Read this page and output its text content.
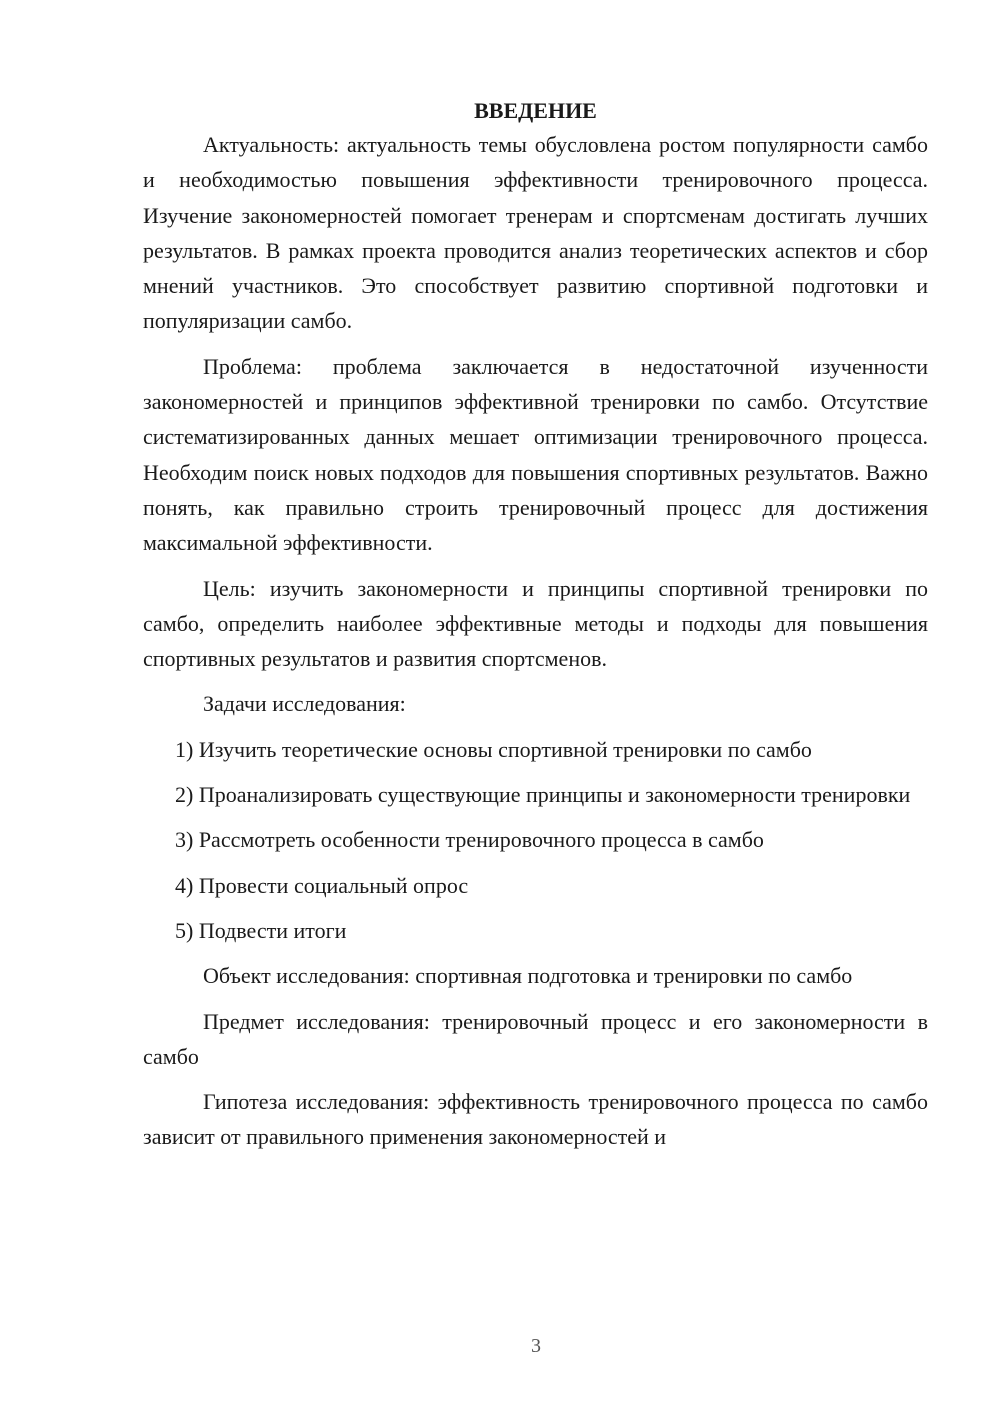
ВВЕДЕНИЕ

Актуальность: актуальность темы обусловлена ростом популярности самбо и необходимостью повышения эффективности тренировочного процесса. Изучение закономерностей помогает тренерам и спортсменам достигать лучших результатов. В рамках проекта проводится анализ теоретических аспектов и сбор мнений участников. Это способствует развитию спортивной подготовки и популяризации самбо.

Проблема: проблема заключается в недостаточной изученности закономерностей и принципов эффективной тренировки по самбо. Отсутствие систематизированных данных мешает оптимизации тренировочного процесса. Необходим поиск новых подходов для повышения спортивных результатов. Важно понять, как правильно строить тренировочный процесс для достижения максимальной эффективности.

Цель: изучить закономерности и принципы спортивной тренировки по самбо, определить наиболее эффективные методы и подходы для повышения спортивных результатов и развития спортсменов.

Задачи исследования:

1) Изучить теоретические основы спортивной тренировки по самбо

2) Проанализировать существующие принципы и закономерности тренировки

3) Рассмотреть особенности тренировочного процесса в самбо

4) Провести социальный опрос

5) Подвести итоги

Объект исследования: спортивная подготовка и тренировки по самбо

Предмет исследования: тренировочный процесс и его закономерности в самбо

Гипотеза исследования: эффективность тренировочного процесса по самбо зависит от правильного применения закономерностей и

3
